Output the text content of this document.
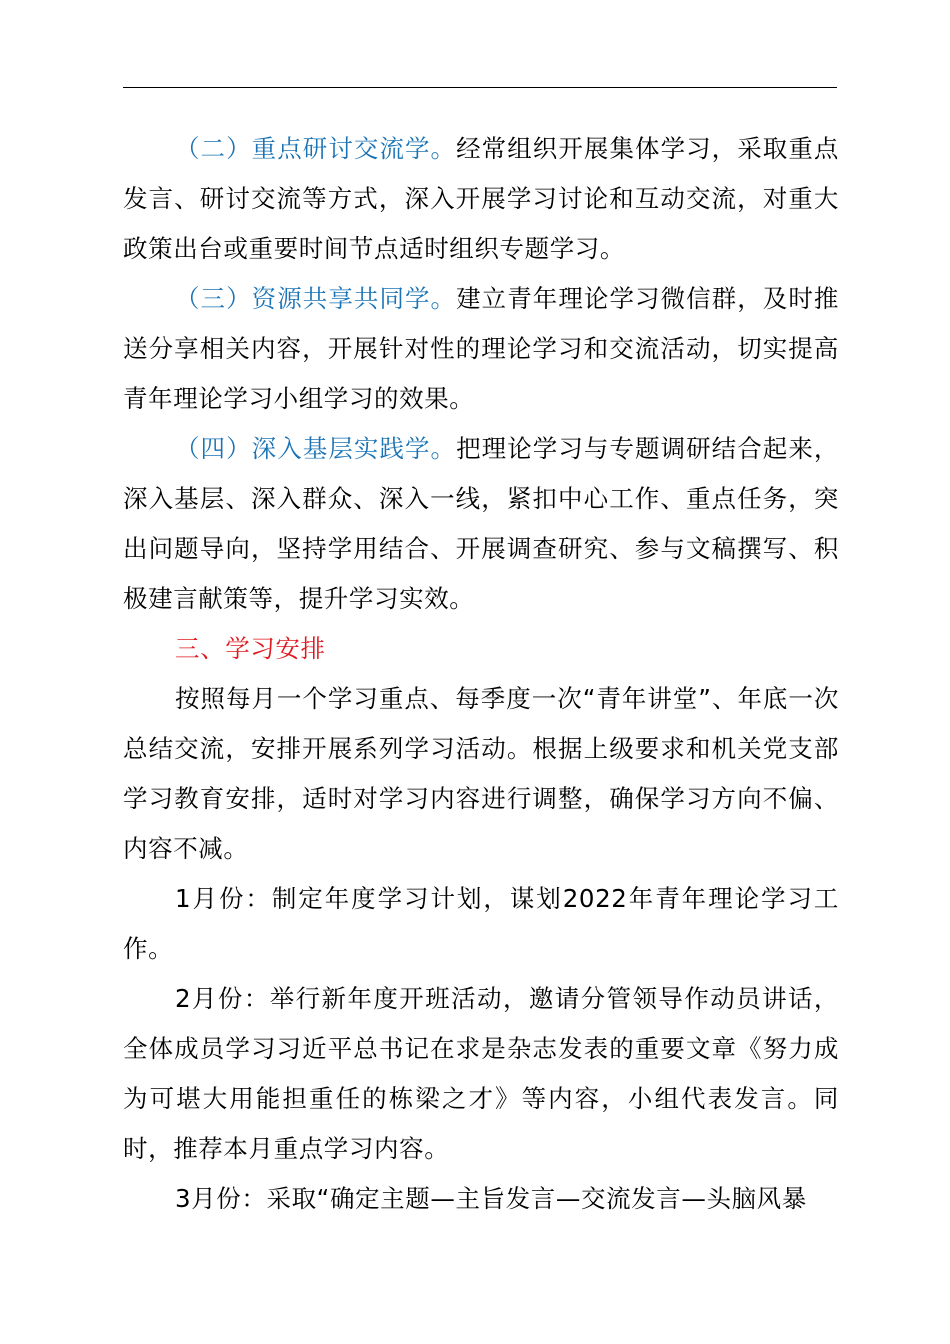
（二）重点研讨交流学。经常组织开展集体学习，采取重点发言、研讨交流等方式，深入开展学习讨论和互动交流，对重大政策出台或重要时间节点适时组织专题学习。

（三）资源共享共同学。建立青年理论学习微信群，及时推送分享相关内容，开展针对性的理论学习和交流活动，切实提高青年理论学习小组学习的效果。

（四）深入基层实践学。把理论学习与专题调研结合起来，深入基层、深入群众、深入一线，紧扣中心工作、重点任务，突出问题导向，坚持学用结合、开展调查研究、参与文稿撰写、积极建言献策等，提升学习实效。

三、学习安排

按照每月一个学习重点、每季度一次“青年讲堂”、年底一次总结交流，安排开展系列学习活动。根据上级要求和机关党支部学习教育安排，适时对学习内容进行调整，确保学习方向不偏、内容不减。

1月份：制定年度学习计划，谋划2022年青年理论学习工作。

2月份：举行新年度开班活动，邀请分管领导作动员讲话，全体成员学习习近平总书记在求是杂志发表的重要文章《努力成为可堪大用能担重任的栋梁之才》等内容，小组代表发言。同时，推荐本月重点学习内容。

3月份：采取“确定主题—主旨发言—交流发言—头脑风暴
